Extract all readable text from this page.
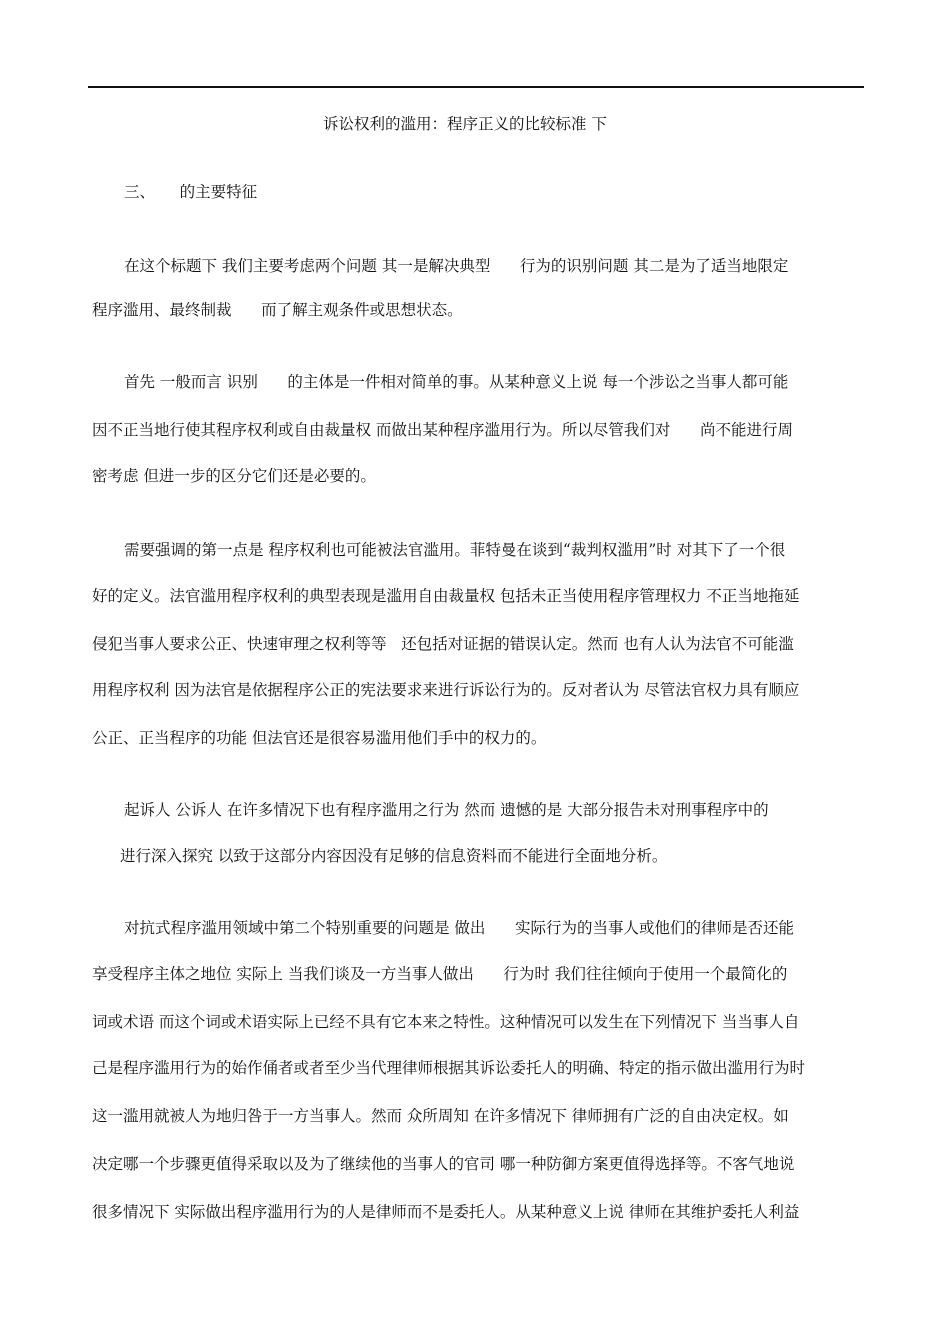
诉讼权利的滥用：程序正义的比较标准 下
三、     的主要特征
在这个标题下 我们主要考虑两个问题 其一是解决典型      行为的识别问题 其二是为了适当地限定
程序滥用、最终制裁      而了解主观条件或思想状态。
首先 一般而言 识别      的主体是一件相对简单的事。从某种意义上说 每一个涉讼之当事人都可能
因不正当地行使其程序权利或自由裁量权 而做出某种程序滥用行为。所以尽管我们对      尚不能进行周
密考虑 但进一步的区分它们还是必要的。
需要强调的第一点是 程序权利也可能被法官滥用。菲特曼在谈到“裁判权滥用”时 对其下了一个很
好的定义。法官滥用程序权利的典型表现是滥用自由裁量权 包括未正当使用程序管理权力 不正当地拖延
侵犯当事人要求公正、快速审理之权利等等   还包括对证据的错误认定。然而 也有人认为法官不可能滥
用程序权利 因为法官是依据程序公正的宪法要求来进行诉讼行为的。反对者认为 尽管法官权力具有顺应
公正、正当程序的功能 但法官还是很容易滥用他们手中的权力的。
起诉人 公诉人 在许多情况下也有程序滥用之行为 然而 遗憾的是 大部分报告未对刑事程序中的
进行深入探究 以致于这部分内容因没有足够的信息资料而不能进行全面地分析。
对抗式程序滥用领域中第二个特别重要的问题是 做出      实际行为的当事人或他们的律师是否还能
享受程序主体之地位 实际上 当我们谈及一方当事人做出      行为时 我们往往倾向于使用一个最简化的
词或术语 而这个词或术语实际上已经不具有它本来之特性。这种情况可以发生在下列情况下 当当事人自
己是程序滥用行为的始作俑者或者至少当代理律师根据其诉讼委托人的明确、特定的指示做出滥用行为时
这一滥用就被人为地归咎于一方当事人。然而 众所周知 在许多情况下 律师拥有广泛的自由决定权。如
决定哪一个步骤更值得采取以及为了继续他的当事人的官司 哪一种防御方案更值得选择等。不客气地说
很多情况下 实际做出程序滥用行为的人是律师而不是委托人。从某种意义上说 律师在其维护委托人利益
